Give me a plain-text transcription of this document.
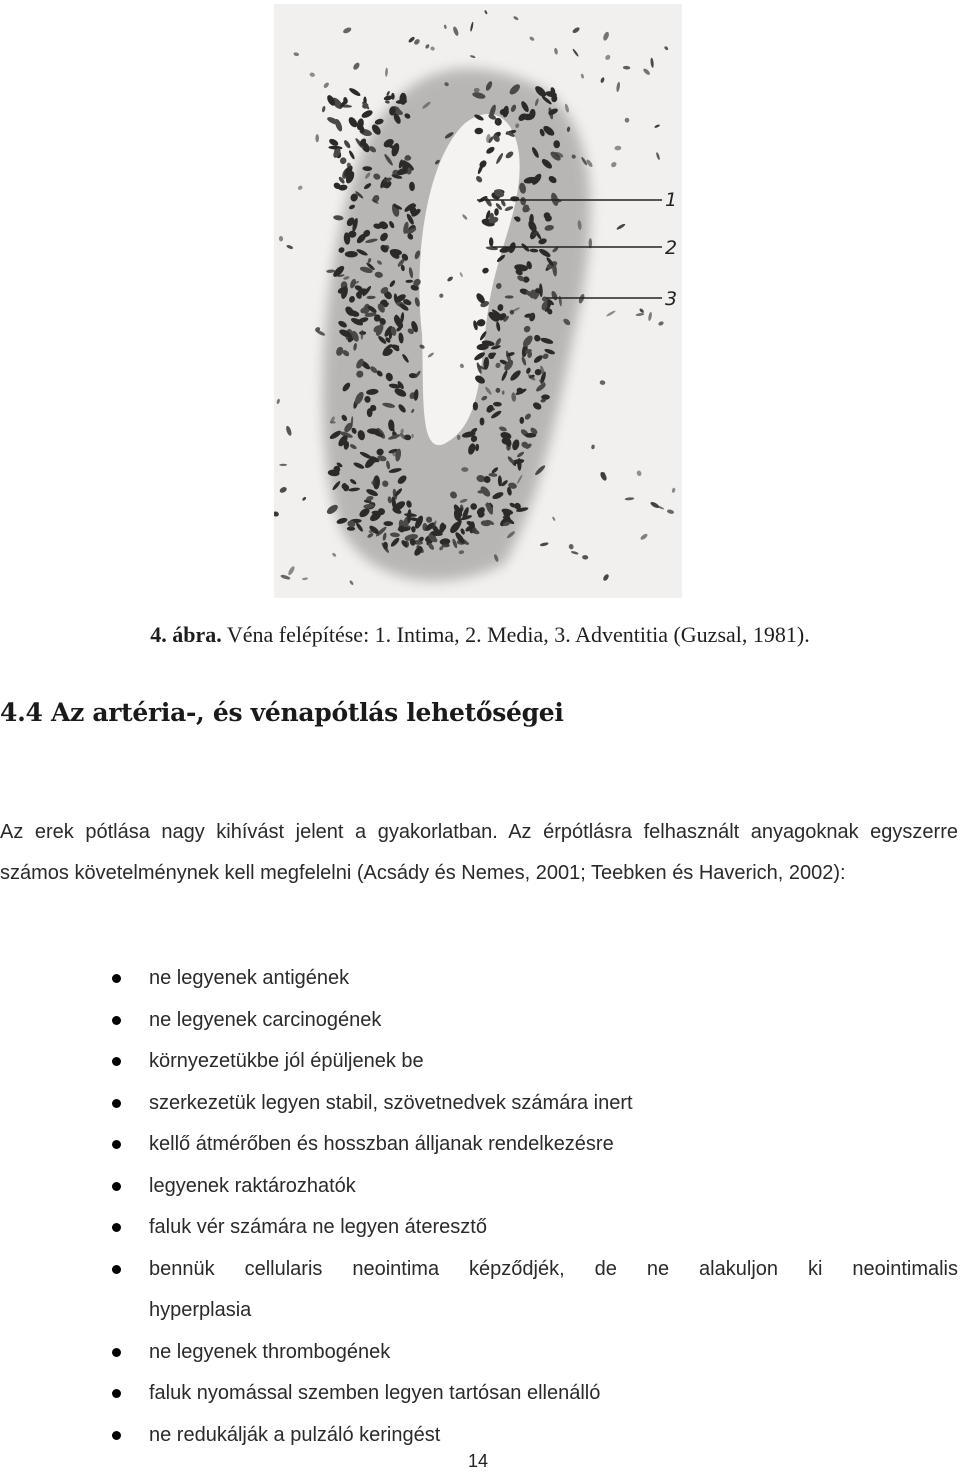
1
2
3
4. ábra. Véna felépítése: 1. Intima, 2. Media, 3. Adventitia (Guzsal, 1981).
4.4 Az artéria-, és vénapótlás lehetőségei
Az erek pótlása nagy kihívást jelent a gyakorlatban. Az érpótlásra felhasznált anyagoknak egyszerre számos követelménynek kell megfelelni (Acsády és Nemes, 2001; Teebken és Haverich, 2002):
ne legyenek antigének
ne legyenek carcinogének
környezetükbe jól épüljenek be
szerkezetük legyen stabil, szövetnedvek számára inert
kellő átmérőben és hosszban álljanak rendelkezésre
legyenek raktározhatók
faluk vér számára ne legyen áteresztő
bennük cellularis neointima képződjék, de ne alakuljon ki neointimalis
hyperplasia
ne legyenek thrombogének
faluk nyomással szemben legyen tartósan ellenálló
ne redukálják a pulzáló keringést
14
